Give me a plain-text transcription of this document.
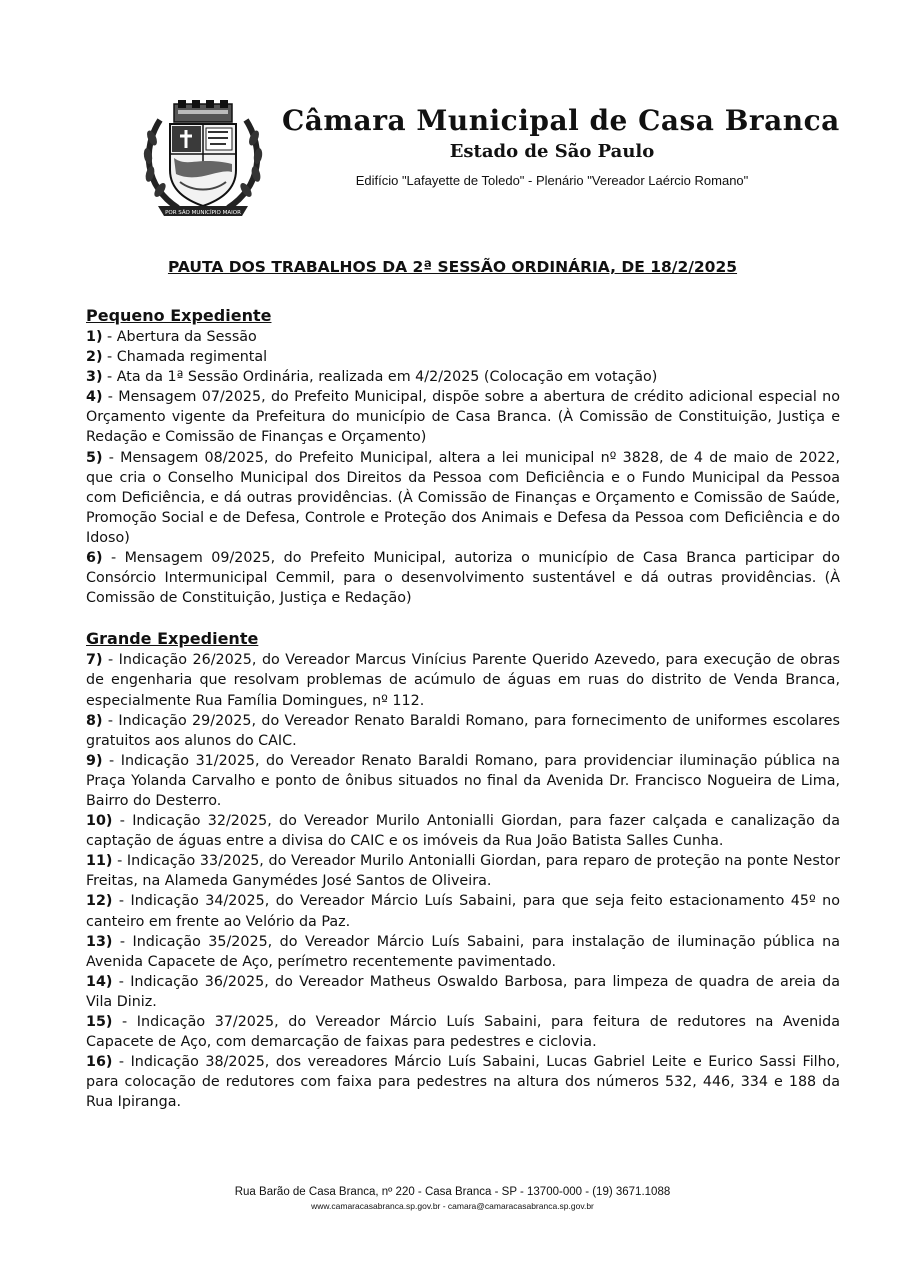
POR SÃO MUNICÍPIO MAIOR
Câmara Municipal de Casa Branca
Estado de São Paulo
Edifício "Lafayette de Toledo" - Plenário "Vereador Laércio Romano"
PAUTA DOS TRABALHOS DA 2ª SESSÃO ORDINÁRIA, DE 18/2/2025
Pequeno Expediente
1) - Abertura da Sessão
2) - Chamada regimental
3) - Ata da 1ª Sessão Ordinária, realizada em 4/2/2025 (Colocação em votação)
4) - Mensagem 07/2025, do Prefeito Municipal, dispõe sobre a abertura de crédito adicional especial no Orçamento vigente da Prefeitura do município de Casa Branca. (À Comissão de Constituição, Justiça e Redação e Comissão de Finanças e Orçamento)
5) - Mensagem 08/2025, do Prefeito Municipal, altera a lei municipal nº 3828, de 4 de maio de 2022, que cria o Conselho Municipal dos Direitos da Pessoa com Deficiência e o Fundo Municipal da Pessoa com Deficiência, e dá outras providências. (À Comissão de Finanças e Orçamento e Comissão de Saúde, Promoção Social e de Defesa, Controle e Proteção dos Animais e Defesa da Pessoa com Deficiência e do Idoso)
6) - Mensagem 09/2025, do Prefeito Municipal, autoriza o município de Casa Branca participar do Consórcio Intermunicipal Cemmil, para o desenvolvimento sustentável e dá outras providências. (À Comissão de Constituição, Justiça e Redação)
Grande Expediente
7) - Indicação 26/2025, do Vereador Marcus Vinícius Parente Querido Azevedo, para execução de obras de engenharia que resolvam problemas de acúmulo de águas em ruas do distrito de Venda Branca, especialmente Rua Família Domingues, nº 112.
8) - Indicação 29/2025, do Vereador Renato Baraldi Romano, para fornecimento de uniformes escolares gratuitos aos alunos do CAIC.
9) - Indicação 31/2025, do Vereador Renato Baraldi Romano, para providenciar iluminação pública na Praça Yolanda Carvalho e ponto de ônibus situados no final da Avenida Dr. Francisco Nogueira de Lima, Bairro do Desterro.
10) - Indicação 32/2025, do Vereador Murilo Antonialli Giordan, para fazer calçada e canalização da captação de águas entre a divisa do CAIC e os imóveis da Rua João Batista Salles Cunha.
11) - Indicação 33/2025, do Vereador Murilo Antonialli Giordan, para reparo de proteção na ponte Nestor Freitas, na Alameda Ganymédes José Santos de Oliveira.
12) - Indicação 34/2025, do Vereador Márcio Luís Sabaini, para que seja feito estacionamento 45º no canteiro em frente ao Velório da Paz.
13) - Indicação 35/2025, do Vereador Márcio Luís Sabaini, para instalação de iluminação pública na Avenida Capacete de Aço, perímetro recentemente pavimentado.
14) - Indicação 36/2025, do Vereador Matheus Oswaldo Barbosa, para limpeza de quadra de areia da Vila Diniz.
15) - Indicação 37/2025, do Vereador Márcio Luís Sabaini, para feitura de redutores na Avenida Capacete de Aço, com demarcação de faixas para pedestres e ciclovia.
16) - Indicação 38/2025, dos vereadores Márcio Luís Sabaini, Lucas Gabriel Leite e Eurico Sassi Filho, para colocação de redutores com faixa para pedestres na altura dos números 532, 446, 334 e 188 da Rua Ipiranga.
Rua Barão de Casa Branca, nº 220 - Casa Branca - SP - 13700-000 - (19) 3671.1088
www.camaracasabranca.sp.gov.br - camara@camaracasabranca.sp.gov.br
